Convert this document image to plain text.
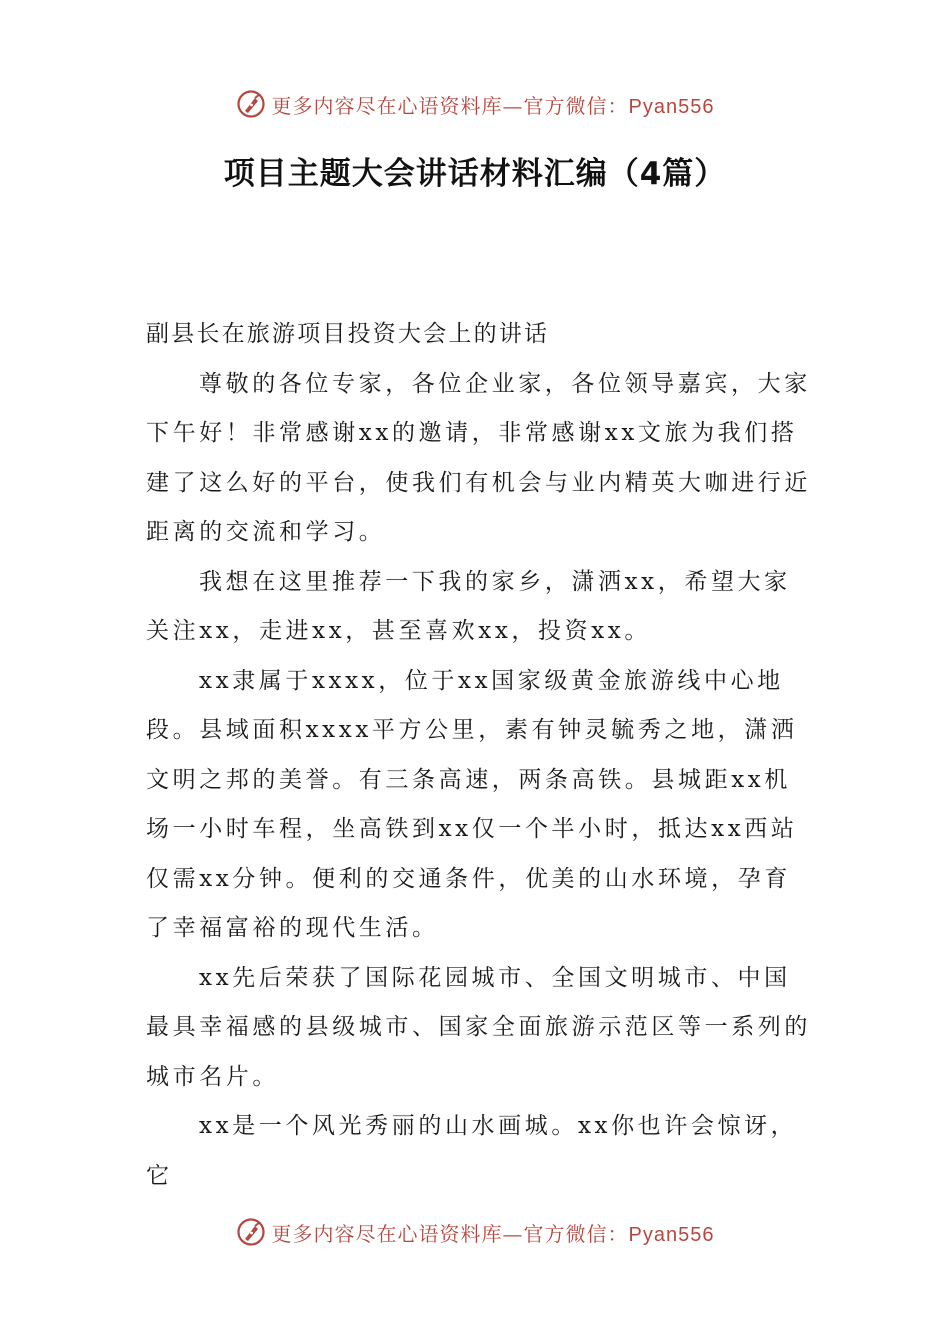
更多内容尽在心语资料库—官方微信：Pyan556
项目主题大会讲话材料汇编（4篇）

副县长在旅游项目投资大会上的讲话

尊敬的各位专家，各位企业家，各位领导嘉宾，大家下午好！非常感谢xx的邀请，非常感谢xx文旅为我们搭建了这么好的平台，使我们有机会与业内精英大咖进行近距离的交流和学习。

我想在这里推荐一下我的家乡，潇洒xx，希望大家关注xx，走进xx，甚至喜欢xx，投资xx。

xx隶属于xxxx，位于xx国家级黄金旅游线中心地段。县域面积xxxx平方公里，素有钟灵毓秀之地，潇洒文明之邦的美誉。有三条高速，两条高铁。县城距xx机场一小时车程，坐高铁到xx仅一个半小时，抵达xx西站仅需xx分钟。便利的交通条件，优美的山水环境，孕育了幸福富裕的现代生活。

xx先后荣获了国际花园城市、全国文明城市、中国最具幸福感的县级城市、国家全面旅游示范区等一系列的城市名片。

xx是一个风光秀丽的山水画城。xx你也许会惊讶，它

更多内容尽在心语资料库—官方微信：Pyan556
